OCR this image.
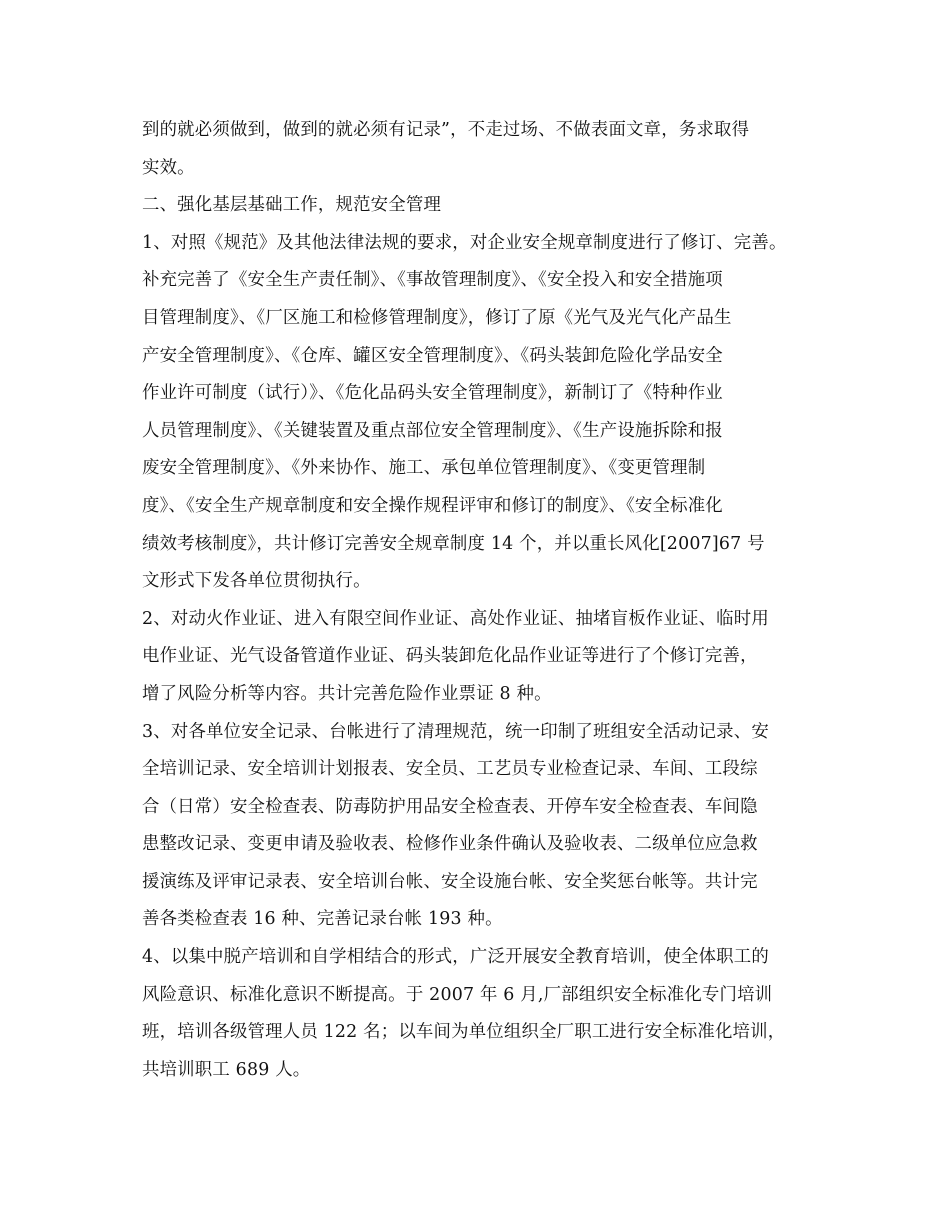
到的就必须做到，做到的就必须有记录”，不走过场、不做表面文章，务求取得
实效。
二、强化基层基础工作，规范安全管理
1、对照《规范》及其他法律法规的要求，对企业安全规章制度进行了修订、完善。
补充完善了《安全生产责任制》、《事故管理制度》、《安全投入和安全措施项
目管理制度》、《厂区施工和检修管理制度》，修订了原《光气及光气化产品生
产安全管理制度》、《仓库、罐区安全管理制度》、《码头装卸危险化学品安全
作业许可制度（试行）》、《危化品码头安全管理制度》，新制订了《特种作业
人员管理制度》、《关键装置及重点部位安全管理制度》、《生产设施拆除和报
废安全管理制度》、《外来协作、施工、承包单位管理制度》、《变更管理制
度》、《安全生产规章制度和安全操作规程评审和修订的制度》、《安全标准化
绩效考核制度》，共计修订完善安全规章制度 14 个，并以重长风化[2007]67 号
文形式下发各单位贯彻执行。
2、对动火作业证、进入有限空间作业证、高处作业证、抽堵盲板作业证、临时用
电作业证、光气设备管道作业证、码头装卸危化品作业证等进行了个修订完善，
增了风险分析等内容。共计完善危险作业票证 8 种。
3、对各单位安全记录、台帐进行了清理规范，统一印制了班组安全活动记录、安
全培训记录、安全培训计划报表、安全员、工艺员专业检查记录、车间、工段综
合（日常）安全检查表、防毒防护用品安全检查表、开停车安全检查表、车间隐
患整改记录、变更申请及验收表、检修作业条件确认及验收表、二级单位应急救
援演练及评审记录表、安全培训台帐、安全设施台帐、安全奖惩台帐等。共计完
善各类检查表 16 种、完善记录台帐 193 种。
4、以集中脱产培训和自学相结合的形式，广泛开展安全教育培训，使全体职工的
风险意识、标准化意识不断提高。于 2007 年 6 月,厂部组织安全标准化专门培训
班，培训各级管理人员 122 名；以车间为单位组织全厂职工进行安全标准化培训，
共培训职工 689 人。
